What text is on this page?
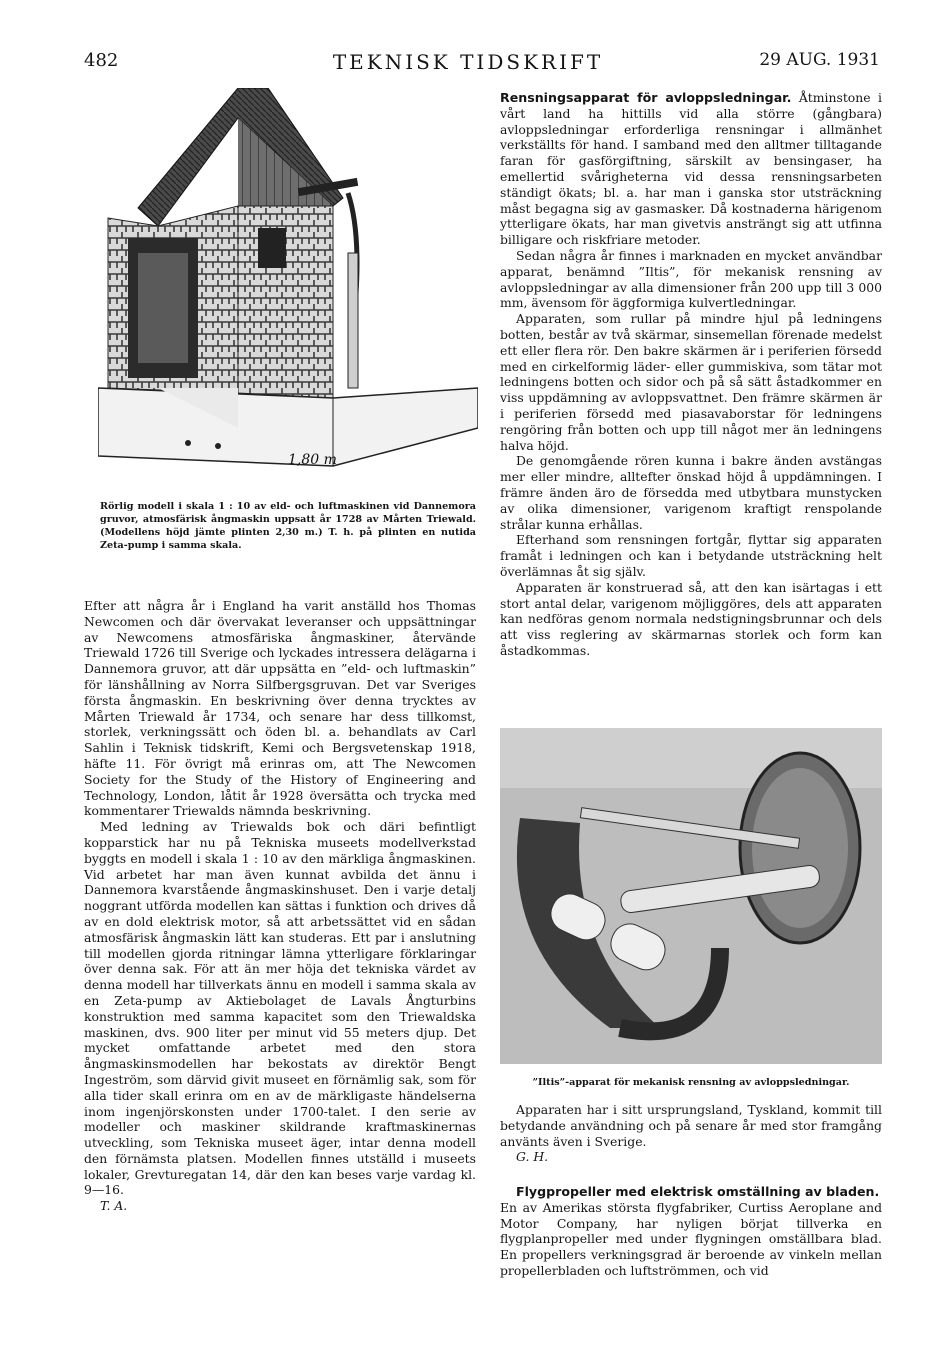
482	TEKNISK TIDSKRIFT	29 AUG. 1931
1,80 m
Rörlig modell i skala 1 : 10 av eld- och luftmaskinen vid Dannemora gruvor, atmosfärisk ångmaskin uppsatt år 1728 av Mårten Triewald. (Modellens höjd jämte plinten 2,30 m.) T. h. på plinten en nutida Zeta-pump i samma skala.

Efter att några år i England ha varit anställd hos Thomas Newcomen och där övervakat leveranser och uppsättningar av Newcomens atmosfäriska ångmaskiner, återvände Triewald 1726 till Sverige och lyckades intressera delägarna i Dannemora gruvor, att där uppsätta en ”eld- och luftmaskin” för länshållning av Norra Silfbergsgruvan. Det var Sveriges första ångmaskin. En beskrivning över denna trycktes av Mårten Triewald år 1734, och senare har dess tillkomst, storlek, verkningssätt och öden bl. a. behandlats av Carl Sahlin i Teknisk tidskrift, Kemi och Bergsvetenskap 1918, häfte 11. För övrigt må erinras om, att The Newcomen Society for the Study of the History of Engineering and Technology, London, låtit år 1928 översätta och trycka med kommentarer Triewalds nämnda beskrivning.

Med ledning av Triewalds bok och däri befintligt kopparstick har nu på Tekniska museets modellverkstad byggts en modell i skala 1 : 10 av den märkliga ångmaskinen. Vid arbetet har man även kunnat avbilda det ännu i Dannemora kvarstående ångmaskinshuset. Den i varje detalj noggrant utförda modellen kan sättas i funktion och drives då av en dold elektrisk motor, så att arbetssättet vid en sådan atmosfärisk ångmaskin lätt kan studeras. Ett par i anslutning till modellen gjorda ritningar lämna ytterligare förklaringar över denna sak. För att än mer höja det tekniska värdet av denna modell har tillverkats ännu en modell i samma skala av en Zeta-pump av Aktiebolaget de Lavals Ångturbins konstruktion med samma kapacitet som den Triewaldska maskinen, dvs. 900 liter per minut vid 55 meters djup. Det mycket omfattande arbetet med den stora ångmaskinsmodellen har bekostats av direktör Bengt Ingeström, som därvid givit museet en förnämlig sak, som för alla tider skall erinra om en av de märkligaste händelserna inom ingenjörskonsten under 1700-talet. I den serie av modeller och maskiner skildrande kraftmaskinernas utveckling, som Tekniska museet äger, intar denna modell den förnämsta platsen. Modellen finnes utställd i museets lokaler, Grevturegatan 14, där den kan beses varje vardag kl. 9—16.

T. A.

Rensningsapparat för avloppsledningar. Åtminstone i vårt land ha hittills vid alla större (gångbara) avloppsledningar erforderliga rensningar i allmänhet verkställts för hand. I samband med den alltmer tilltagande faran för gasförgiftning, särskilt av bensingaser, ha emellertid svårigheterna vid dessa rensningsarbeten ständigt ökats; bl. a. har man i ganska stor utsträckning måst begagna sig av gasmasker. Då kostnaderna härigenom ytterligare ökats, har man givetvis ansträngt sig att utfinna billigare och riskfriare metoder.

Sedan några år finnes i marknaden en mycket användbar apparat, benämnd ”Iltis”, för mekanisk rensning av avloppsledningar av alla dimensioner från 200 upp till 3 000 mm, ävensom för äggformiga kulvertledningar.

Apparaten, som rullar på mindre hjul på ledningens botten, består av två skärmar, sinsemellan förenade medelst ett eller flera rör. Den bakre skärmen är i periferien försedd med en cirkelformig läder- eller gummiskiva, som tätar mot ledningens botten och sidor och på så sätt åstadkommer en viss uppdämning av avloppsvattnet. Den främre skärmen är i periferien försedd med piasavaborstar för ledningens rengöring från botten och upp till något mer än ledningens halva höjd.

De genomgående rören kunna i bakre änden avstängas mer eller mindre, alltefter önskad höjd å uppdämningen. I främre änden äro de försedda med utbytbara munstycken av olika dimensioner, varigenom kraftigt renspolande strålar kunna erhållas.

Efterhand som rensningen fortgår, flyttar sig apparaten framåt i ledningen och kan i betydande utsträckning helt överlämnas åt sig själv.

Apparaten är konstruerad så, att den kan isärtagas i ett stort antal delar, varigenom möjliggöres, dels att apparaten kan nedföras genom normala nedstigningsbrunnar och dels att viss reglering av skärmarnas storlek och form kan åstadkommas.

”Iltis”-apparat för mekanisk rensning av avloppsledningar.

Apparaten har i sitt ursprungsland, Tyskland, kommit till betydande användning och på senare år med stor framgång använts även i Sverige.

G. H.

Flygpropeller med elektrisk omställning av bladen.

En av Amerikas största flygfabriker, Curtiss Aeroplane and Motor Company, har nyligen börjat tillverka en flygplanpropeller med under flygningen omställbara blad. En propellers verkningsgrad är beroende av vinkeln mellan propellerbladen och luftströmmen, och vid
